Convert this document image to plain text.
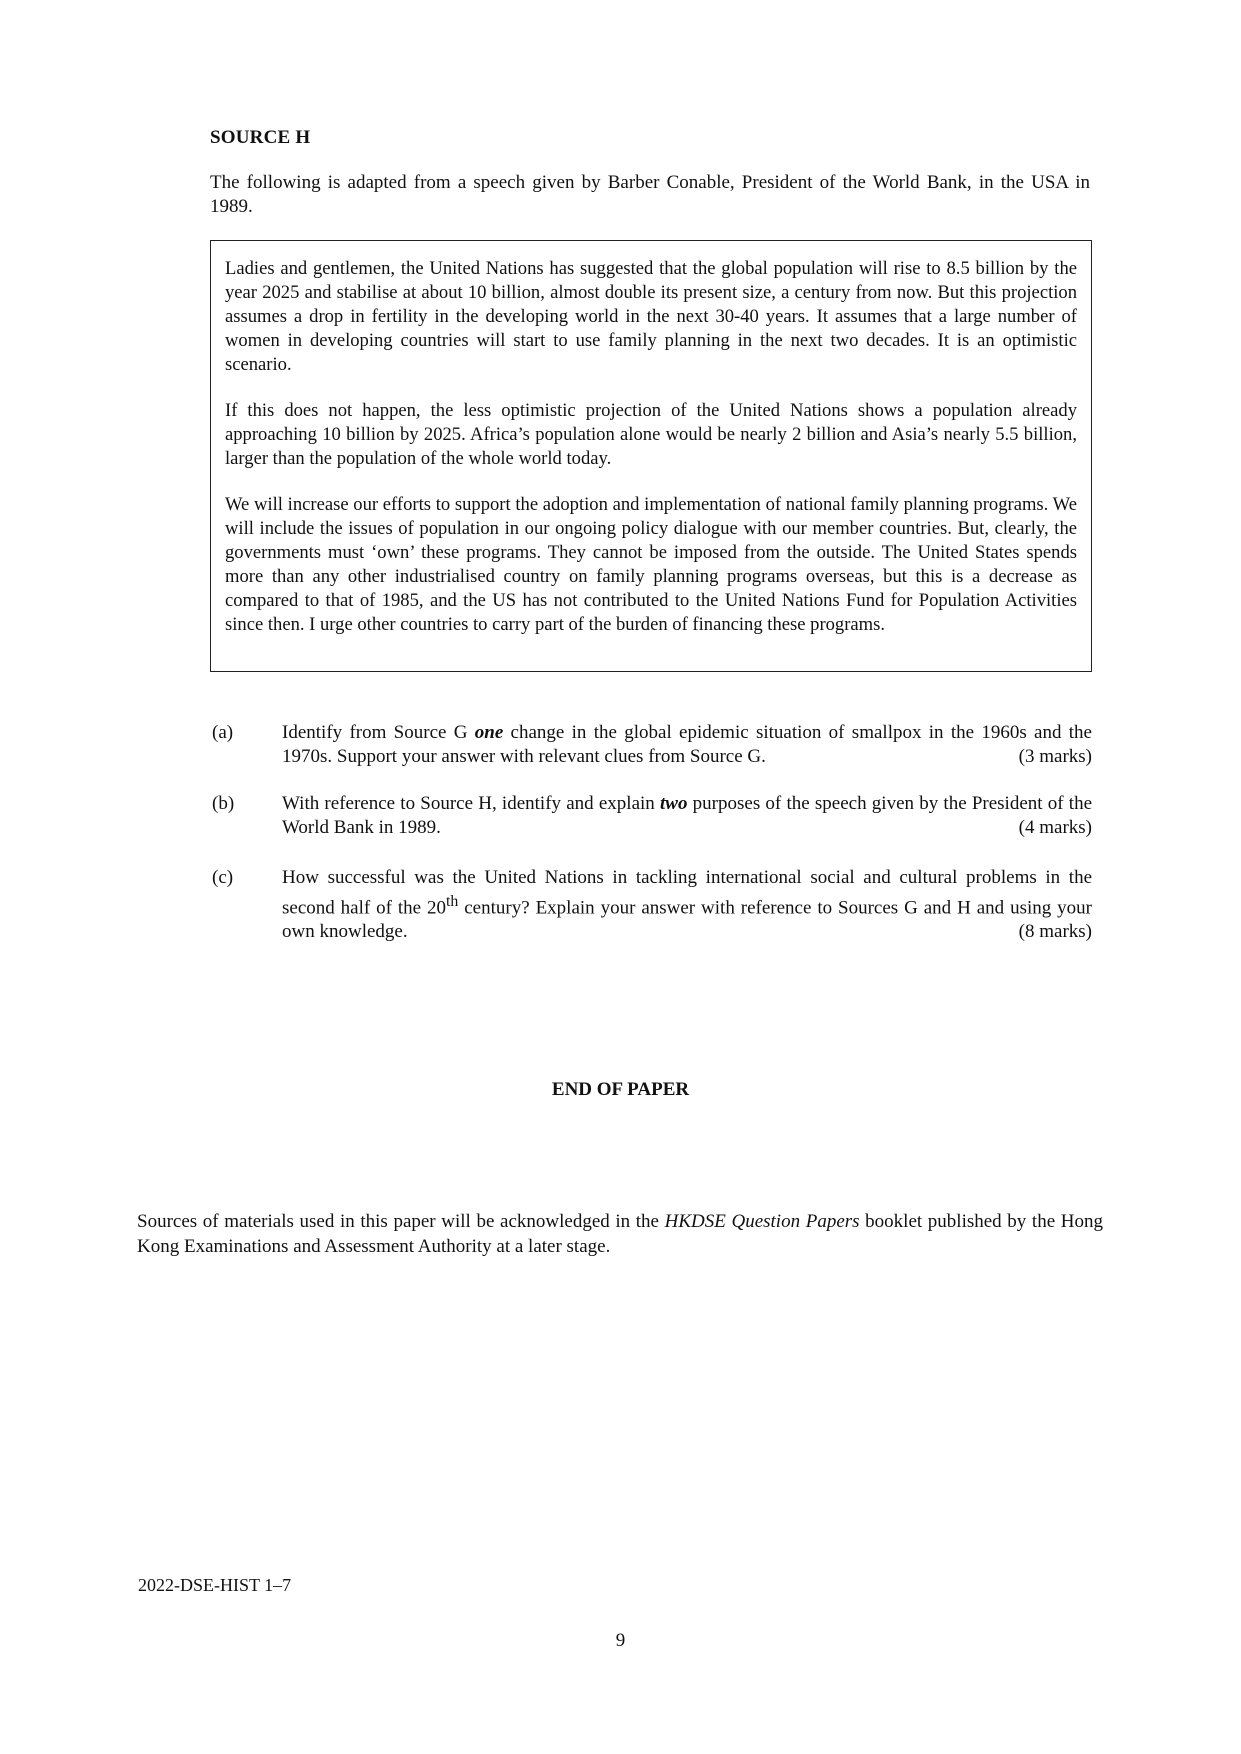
SOURCE H
The following is adapted from a speech given by Barber Conable, President of the World Bank, in the USA in 1989.

Ladies and gentlemen, the United Nations has suggested that the global population will rise to 8.5 billion by the year 2025 and stabilise at about 10 billion, almost double its present size, a century from now. But this projection assumes a drop in fertility in the developing world in the next 30-40 years. It assumes that a large number of women in developing countries will start to use family planning in the next two decades. It is an optimistic scenario.

If this does not happen, the less optimistic projection of the United Nations shows a population already approaching 10 billion by 2025. Africa’s population alone would be nearly 2 billion and Asia’s nearly 5.5 billion, larger than the population of the whole world today.

We will increase our efforts to support the adoption and implementation of national family planning programs. We will include the issues of population in our ongoing policy dialogue with our member countries. But, clearly, the governments must ‘own’ these programs. They cannot be imposed from the outside. The United States spends more than any other industrialised country on family planning programs overseas, but this is a decrease as compared to that of 1985, and the US has not contributed to the United Nations Fund for Population Activities since then. I urge other countries to carry part of the burden of financing these programs.

(a)	Identify from Source G one change in the global epidemic situation of smallpox in the 1960s and the 1970s. Support your answer with relevant clues from Source G.	(3 marks)
(b)	With reference to Source H, identify and explain two purposes of the speech given by the President of the World Bank in 1989.	(4 marks)
(c)	How successful was the United Nations in tackling international social and cultural problems in the second half of the 20th century? Explain your answer with reference to Sources G and H and using your own knowledge.	(8 marks)
END OF PAPER
Sources of materials used in this paper will be acknowledged in the HKDSE Question Papers booklet published by the Hong Kong Examinations and Assessment Authority at a later stage.
2022-DSE-HIST 1–7
9
